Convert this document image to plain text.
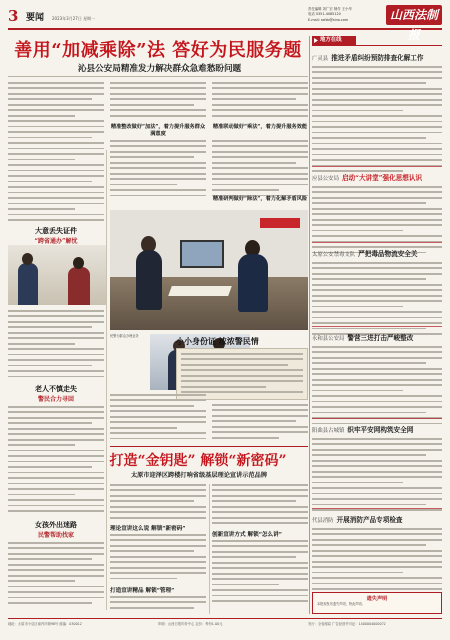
3 要闻 2023年3月27日 星期一
责任编辑 刘广宏 制作 王小华
电话 0351-4085120
E-mail: ssfzb@sina.com	山西法制报
善用“加减乘除”法 答好为民服务题
沁县公安局精准发力解决群众急难愁盼问题
精准整改做好“加法”，着力提升服务群众满意度
精准联动做好“乘法”，着力提升服务效能
大意丢失证件
“跨省通办”解忧
老人不慎走失
警民合力寻回
女孩外出迷路
民警帮助找家
精准研判做好“除法”，着力化解矛盾风险
民警为群众办理业务	小小身份证 浓浓警民情
打造“金钥匙” 解锁“新密码”
太原市迎泽区跨楼打响省级基层理论宣讲示范品牌
理论宣讲这么说 解锁“新密码”
打造宣讲精品 解锁“管理”
创新宣讲方式 解锁“怎么讲”
地方在线
广灵县 推进矛盾纠纷预防排查化解工作
应县公安局 启动“大讲堂”强化思想认识
太原公安禁毒支队 严把毒品物流安全关
永和县公安局 警营三进打击严峻整改
阳曲县古城镇 织牢平安网构筑安全网
代县消防 开展消防产品专项检查
遗失声明
本报现发布遗失声明，特此声明。
地址：太原市小店区南内环街98号 邮编：030012	印刷：山西日报印务中心 定价：每份1.00元	发行：全省邮局 广告经营许可证：1400004000072
